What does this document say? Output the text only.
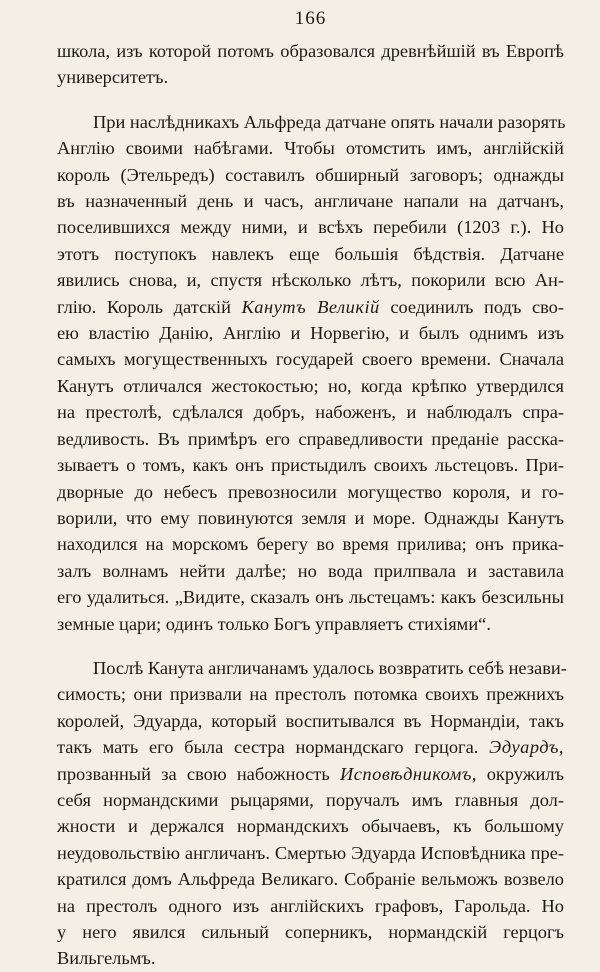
166

школа, изъ которой потомъ образовался древнѣйшій въ Европѣ
университетъ.

При наслѣдникахъ Альфреда датчане опять начали разорять
Англію своими набѣгами. Чтобы отомстить имъ, англійскій
король (Этельредъ) составилъ обширный заговоръ; однажды
въ назначенный день и часъ, англичане напали на датчанъ,
поселившихся между ними, и всѣхъ перебили (1203 г.). Но
этотъ поступокъ навлекъ еще большія бѣдствія. Датчане
явились снова, и, спустя нѣсколько лѣтъ, покорили всю Ан-
глію. Король датскій Канутъ Великій соединилъ подъ сво-
ею властію Данію, Англію и Норвегію, и былъ однимъ изъ
самыхъ могущественныхъ государей своего времени. Сначала
Канутъ отличался жестокостью; но, когда крѣпко утвердился
на престолѣ, сдѣлался добръ, набоженъ, и наблюдалъ спра-
ведливость. Въ примѣръ его справедливости преданіе расска-
зываетъ о томъ, какъ онъ пристыдилъ своихъ льстецовъ. При-
дворные до небесъ превозносили могущество короля, и го-
ворили, что ему повинуются земля и море. Однажды Канутъ
находился на морскомъ берегу во время прилива; онъ прика-
залъ волнамъ нейти далѣе; но вода прилпвала и заставила
его удалиться. „Видите, сказалъ онъ льстецамъ: какъ безсильны
земные цари; одинъ только Богъ управляетъ стихіями“.

Послѣ Канута англичанамъ удалось возвратить себѣ незави-
симость; они призвали на престолъ потомка своихъ прежнихъ
королей, Эдуарда, который воспитывался въ Нормандіи, такъ
такъ мать его была сестра нормандскаго герцога. Эдуардъ,
прозванный за свою набожность Исповѣдникомъ, окружилъ
себя нормандскими рыцарями, поручалъ имъ главныя дол-
жности и держался нормандскихъ обычаевъ, къ большому
неудовольствію англичанъ. Смертью Эдуарда Исповѣдника пре-
кратился домъ Альфреда Великаго. Собраніе вельможъ возвело
на престолъ одного изъ англійскихъ графовъ, Гарольда. Но
у него явился сильный соперникъ, нормандскій герцогъ
Вильгельмъ.
